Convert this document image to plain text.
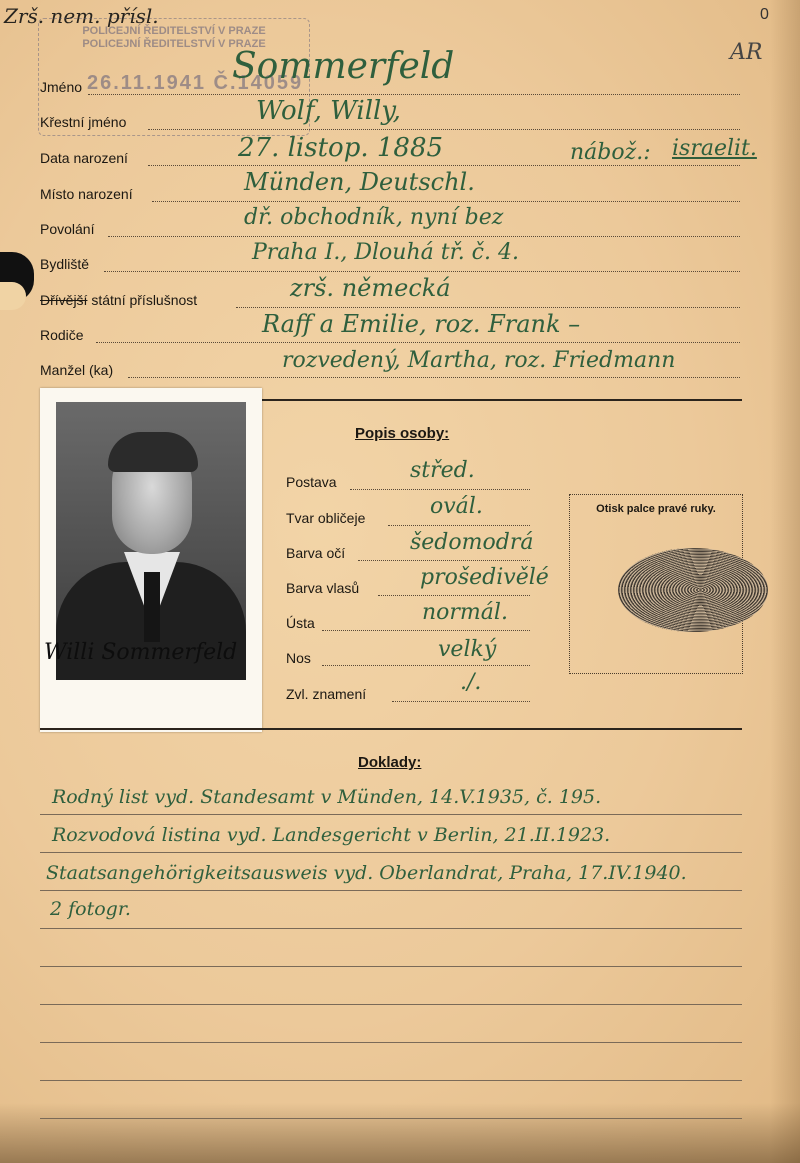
Zrš. nem. přísl.	0
POLICEJNÍ ŘEDITELSTVÍ V PRAZE
POLICEJNÍ ŘEDITELSTVÍ V PRAZE
26.11.1941 Č.14059
AR
Jméno	Sommerfeld
Křestní jméno	Wolf, Willy,
Data narození	27. listop. 1885	nábož.: israelit.
Místo narození	Münden, Deutschl.
Povolání	dř. obchodník, nyní bez
Bydliště	Praha I., Dlouhá tř. č. 4.
Dřívější státní příslušnost	zrš. německá
Rodiče	Raff a Emilie, roz. Frank –
Manžel (ka)	rozvedený, Martha, roz. Friedmann
Willi Sommerfeld
Popis osoby:
Postava	střed.
Tvar obličeje	ovál.
Barva očí	šedomodrá
Barva vlasů	prošedivělé
Ústa	normál.
Nos	velký
Zvl. znamení	./.
Otisk palce pravé ruky.
Doklady:
Rodný list vyd. Standesamt v Münden, 14.V.1935, č. 195.
Rozvodová listina vyd. Landesgericht v Berlin, 21.II.1923.
Staatsangehörigkeitsausweis vyd. Oberlandrat, Praha, 17.IV.1940.
2 fotogr.
